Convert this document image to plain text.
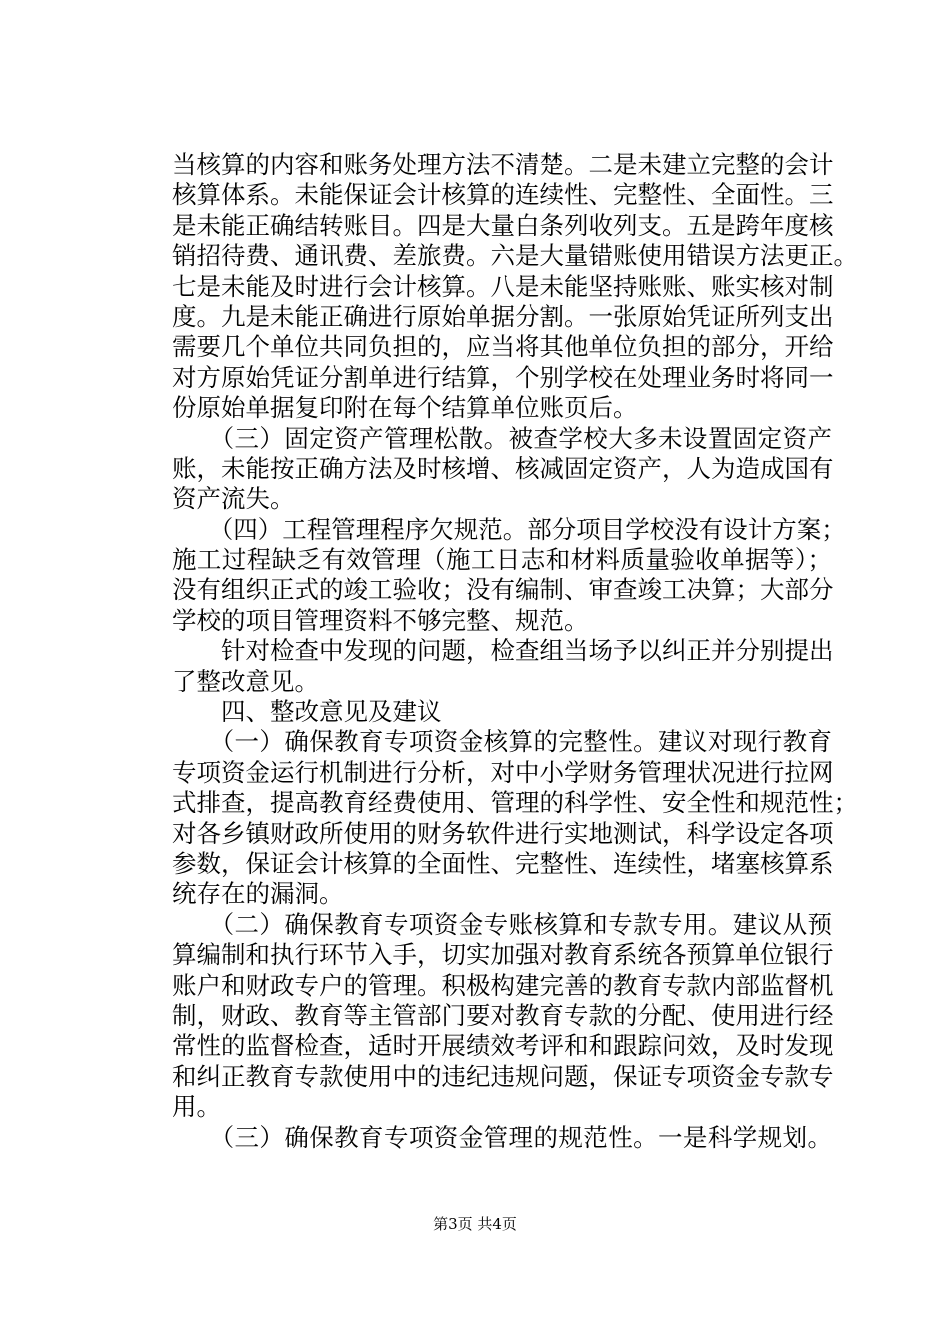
当核算的内容和账务处理方法不清楚。二是未建立完整的会计
核算体系。未能保证会计核算的连续性、完整性、全面性。三
是未能正确结转账目。四是大量白条列收列支。五是跨年度核
销招待费、通讯费、差旅费。六是大量错账使用错误方法更正。
七是未能及时进行会计核算。八是未能坚持账账、账实核对制
度。九是未能正确进行原始单据分割。一张原始凭证所列支出
需要几个单位共同负担的，应当将其他单位负担的部分，开给
对方原始凭证分割单进行结算，个别学校在处理业务时将同一
份原始单据复印附在每个结算单位账页后。
　　（三）固定资产管理松散。被查学校大多未设置固定资产
账，未能按正确方法及时核增、核减固定资产，人为造成国有
资产流失。
　　（四）工程管理程序欠规范。部分项目学校没有设计方案；
施工过程缺乏有效管理（施工日志和材料质量验收单据等）；
没有组织正式的竣工验收；没有编制、审查竣工决算；大部分
学校的项目管理资料不够完整、规范。
　　针对检查中发现的问题，检查组当场予以纠正并分别提出
了整改意见。
　　四、整改意见及建议
　　（一）确保教育专项资金核算的完整性。建议对现行教育
专项资金运行机制进行分析，对中小学财务管理状况进行拉网
式排查，提高教育经费使用、管理的科学性、安全性和规范性；
对各乡镇财政所使用的财务软件进行实地测试，科学设定各项
参数，保证会计核算的全面性、完整性、连续性，堵塞核算系
统存在的漏洞。
　　（二）确保教育专项资金专账核算和专款专用。建议从预
算编制和执行环节入手，切实加强对教育系统各预算单位银行
账户和财政专户的管理。积极构建完善的教育专款内部监督机
制，财政、教育等主管部门要对教育专款的分配、使用进行经
常性的监督检查，适时开展绩效考评和和跟踪问效，及时发现
和纠正教育专款使用中的违纪违规问题，保证专项资金专款专
用。
　　（三）确保教育专项资金管理的规范性。一是科学规划。
第3页 共4页
